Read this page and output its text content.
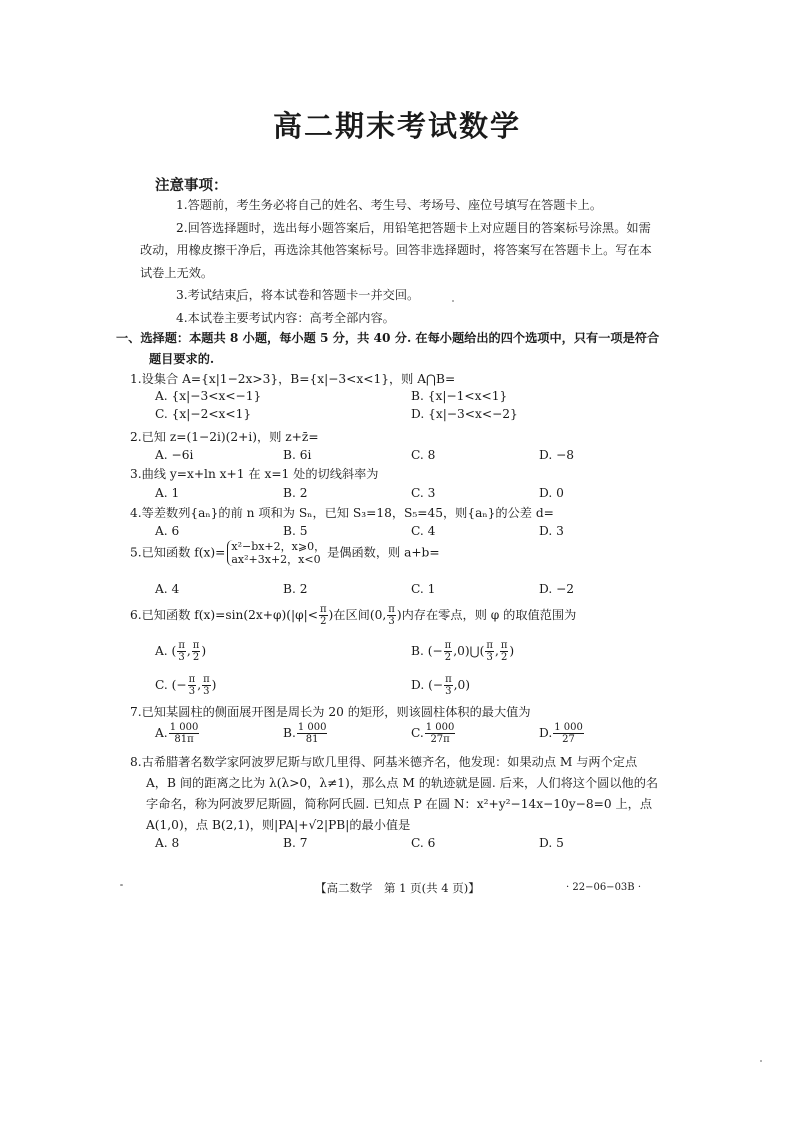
高二期末考试数学
注意事项：
1.答题前，考生务必将自己的姓名、考生号、考场号、座位号填写在答题卡上。
2.回答选择题时，选出每小题答案后，用铅笔把答题卡上对应题目的答案标号涂黑。如需改动，用橡皮擦干净后，再选涂其他答案标号。回答非选择题时，将答案写在答题卡上。写在本试卷上无效。
3.考试结束后，将本试卷和答题卡一并交回。
4.本试卷主要考试内容：高考全部内容。
一、选择题：本题共 8 小题，每小题 5 分，共 40 分. 在每小题给出的四个选项中，只有一项是符合
题目要求的.
1.设集合 A={x|1−2x>3}，B={x|−3<x<1}，则 A⋂B=
A. {x|−3<x<−1}	B. {x|−1<x<1}
C. {x|−2<x<1}	D. {x|−3<x<−2}
2.已知 z=(1−2i)(2+i)，则 z+z̄=
A. −6i	B. 6i	C. 8	D. −8
3.曲线 y=x+ln x+1 在 x=1 处的切线斜率为
A. 1	B. 2	C. 3	D. 0
4.等差数列{aₙ}的前 n 项和为 Sₙ，已知 S₃=18，S₅=45，则{aₙ}的公差 d=
A. 6	B. 5	C. 4	D. 3
5.已知函数 f(x)= x²−bx+2，x⩾0，
ax²+3x+2，x<0 是偶函数，则 a+b=
A. 4	B. 2	C. 1	D. −2
6.已知函数 $f(x)=\sin(2x+\varphi)(|\varphi|< \frac{\pi}{2}$ )在区间(0, $\frac{\pi}{3}$ )内存在零点，则 φ 的取值范围为
A. ( $\frac{\pi}{3}$ , $\frac{\pi}{2}$ )	B. (− $\frac{\pi}{2}$ ,0)⋃( $\frac{\pi}{3}$ , $\frac{\pi}{2}$ )
C. (− $\frac{\pi}{3}$ , $\frac{\pi}{3}$ )	D. (− $\frac{\pi}{3} ,0$)
7.已知某圆柱的侧面展开图是周长为 20 的矩形，则该圆柱体积的最大值为
A. $\frac{1 000}{81\pi}$	B. $\frac{1 000}{81}$	C. $\frac{1 000}{27\pi}$	D. $\frac{1 000}{27}$
8.古希腊著名数学家阿波罗尼斯与欧几里得、阿基米德齐名，他发现：如果动点 M 与两个定点
A，B 间的距离之比为 λ(λ>0，λ≠1)，那么点 M 的轨迹就是圆. 后来，人们将这个圆以他的名
字命名，称为阿波罗尼斯圆，简称阿氏圆. 已知点 P 在圆 N：x²+y²−14x−10y−8=0 上，点
A(1,0)，点 B(2,1)，则|PA|+√2|PB|的最小值是
A. 8	B. 7	C. 6	D. 5
【高二数学　第 1 页(共 4 页)】	· 22−06−03B ·
